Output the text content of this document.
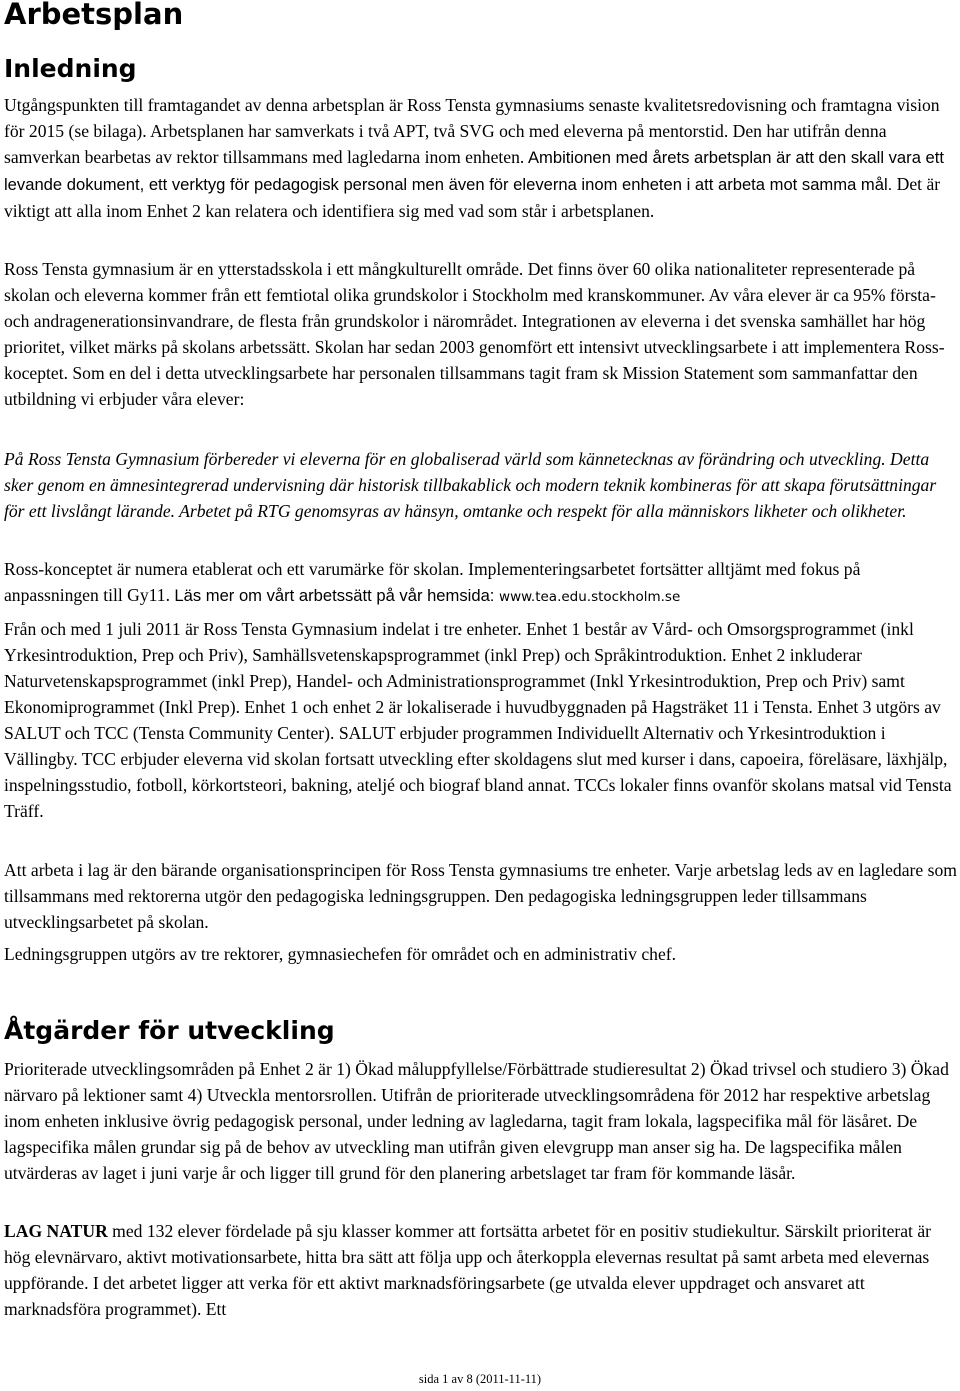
Arbetsplan
Inledning

Utgångspunkten till framtagandet av denna arbetsplan är Ross Tensta gymnasiums senaste kvalitetsredovisning och framtagna vision för 2015 (se bilaga). Arbetsplanen har samverkats i två APT, två SVG och med eleverna på mentorstid. Den har utifrån denna samverkan bearbetas av rektor tillsammans med lagledarna inom enheten. Ambitionen med årets arbetsplan är att den skall vara ett levande dokument, ett verktyg för pedagogisk personal men även för eleverna inom enheten i att arbeta mot samma mål. Det är viktigt att alla inom Enhet 2 kan relatera och identifiera sig med vad som står i arbetsplanen.

Ross Tensta gymnasium är en ytterstadsskola i ett mångkulturellt område. Det finns över 60 olika nationaliteter representerade på skolan och eleverna kommer från ett femtiotal olika grundskolor i Stockholm med kranskommuner. Av våra elever är ca 95% första- och andragenerationsinvandrare, de flesta från grundskolor i närområdet. Integrationen av eleverna i det svenska samhället har hög prioritet, vilket märks på skolans arbetssätt. Skolan har sedan 2003 genomfört ett intensivt utvecklingsarbete i att implementera Ross-koceptet. Som en del i detta utvecklingsarbete har personalen tillsammans tagit fram sk Mission Statement som sammanfattar den utbildning vi erbjuder våra elever:

På Ross Tensta Gymnasium förbereder vi eleverna för en globaliserad värld som kännetecknas av förändring och utveckling. Detta sker genom en ämnesintegrerad undervisning där historisk tillbakablick och modern teknik kombineras för att skapa förutsättningar för ett livslångt lärande. Arbetet på RTG genomsyras av hänsyn, omtanke och respekt för alla människors likheter och olikheter.

Ross-konceptet är numera etablerat och ett varumärke för skolan. Implementeringsarbetet fortsätter alltjämt med fokus på anpassningen till Gy11. Läs mer om vårt arbetssätt på vår hemsida: www.tea.edu.stockholm.se

Från och med 1 juli 2011 är Ross Tensta Gymnasium indelat i tre enheter. Enhet 1 består av Vård- och Omsorgsprogrammet (inkl Yrkesintroduktion, Prep och Priv), Samhällsvetenskapsprogrammet (inkl Prep) och Språkintroduktion. Enhet 2 inkluderar Naturvetenskapsprogrammet (inkl Prep), Handel- och Administrationsprogrammet (Inkl Yrkesintroduktion, Prep och Priv) samt Ekonomiprogrammet (Inkl Prep). Enhet 1 och enhet 2 är lokaliserade i huvudbyggnaden på Hagsträket 11 i Tensta. Enhet 3 utgörs av SALUT och TCC (Tensta Community Center). SALUT erbjuder programmen Individuellt Alternativ och Yrkesintroduktion i Vällingby. TCC erbjuder eleverna vid skolan fortsatt utveckling efter skoldagens slut med kurser i dans, capoeira, föreläsare, läxhjälp, inspelningsstudio, fotboll, körkortsteori, bakning, ateljé och biograf bland annat. TCCs lokaler finns ovanför skolans matsal vid Tensta Träff.

Att arbeta i lag är den bärande organisationsprincipen för Ross Tensta gymnasiums tre enheter. Varje arbetslag leds av en lagledare som tillsammans med rektorerna utgör den pedagogiska ledningsgruppen. Den pedagogiska ledningsgruppen leder tillsammans utvecklingsarbetet på skolan.

Ledningsgruppen utgörs av tre rektorer, gymnasiechefen för området och en administrativ chef.

Åtgärder för utveckling

Prioriterade utvecklingsområden på Enhet 2 är 1) Ökad måluppfyllelse/Förbättrade studieresultat 2) Ökad trivsel och studiero 3) Ökad närvaro på lektioner samt 4) Utveckla mentorsrollen. Utifrån de prioriterade utvecklingsområdena för 2012 har respektive arbetslag inom enheten inklusive övrig pedagogisk personal, under ledning av lagledarna, tagit fram lokala, lagspecifika mål för läsåret. De lagspecifika målen grundar sig på de behov av utveckling man utifrån given elevgrupp man anser sig ha. De lagspecifika målen utvärderas av laget i juni varje år och ligger till grund för den planering arbetslaget tar fram för kommande läsår.

LAG NATUR med 132 elever fördelade på sju klasser kommer att fortsätta arbetet för en positiv studiekultur. Särskilt prioriterat är hög elevnärvaro, aktivt motivationsarbete, hitta bra sätt att följa upp och återkoppla elevernas resultat på samt arbeta med elevernas uppförande. I det arbetet ligger att verka för ett aktivt marknadsföringsarbete (ge utvalda elever uppdraget och ansvaret att marknadsföra programmet). Ett

sida 1 av 8 (2011-11-11)
